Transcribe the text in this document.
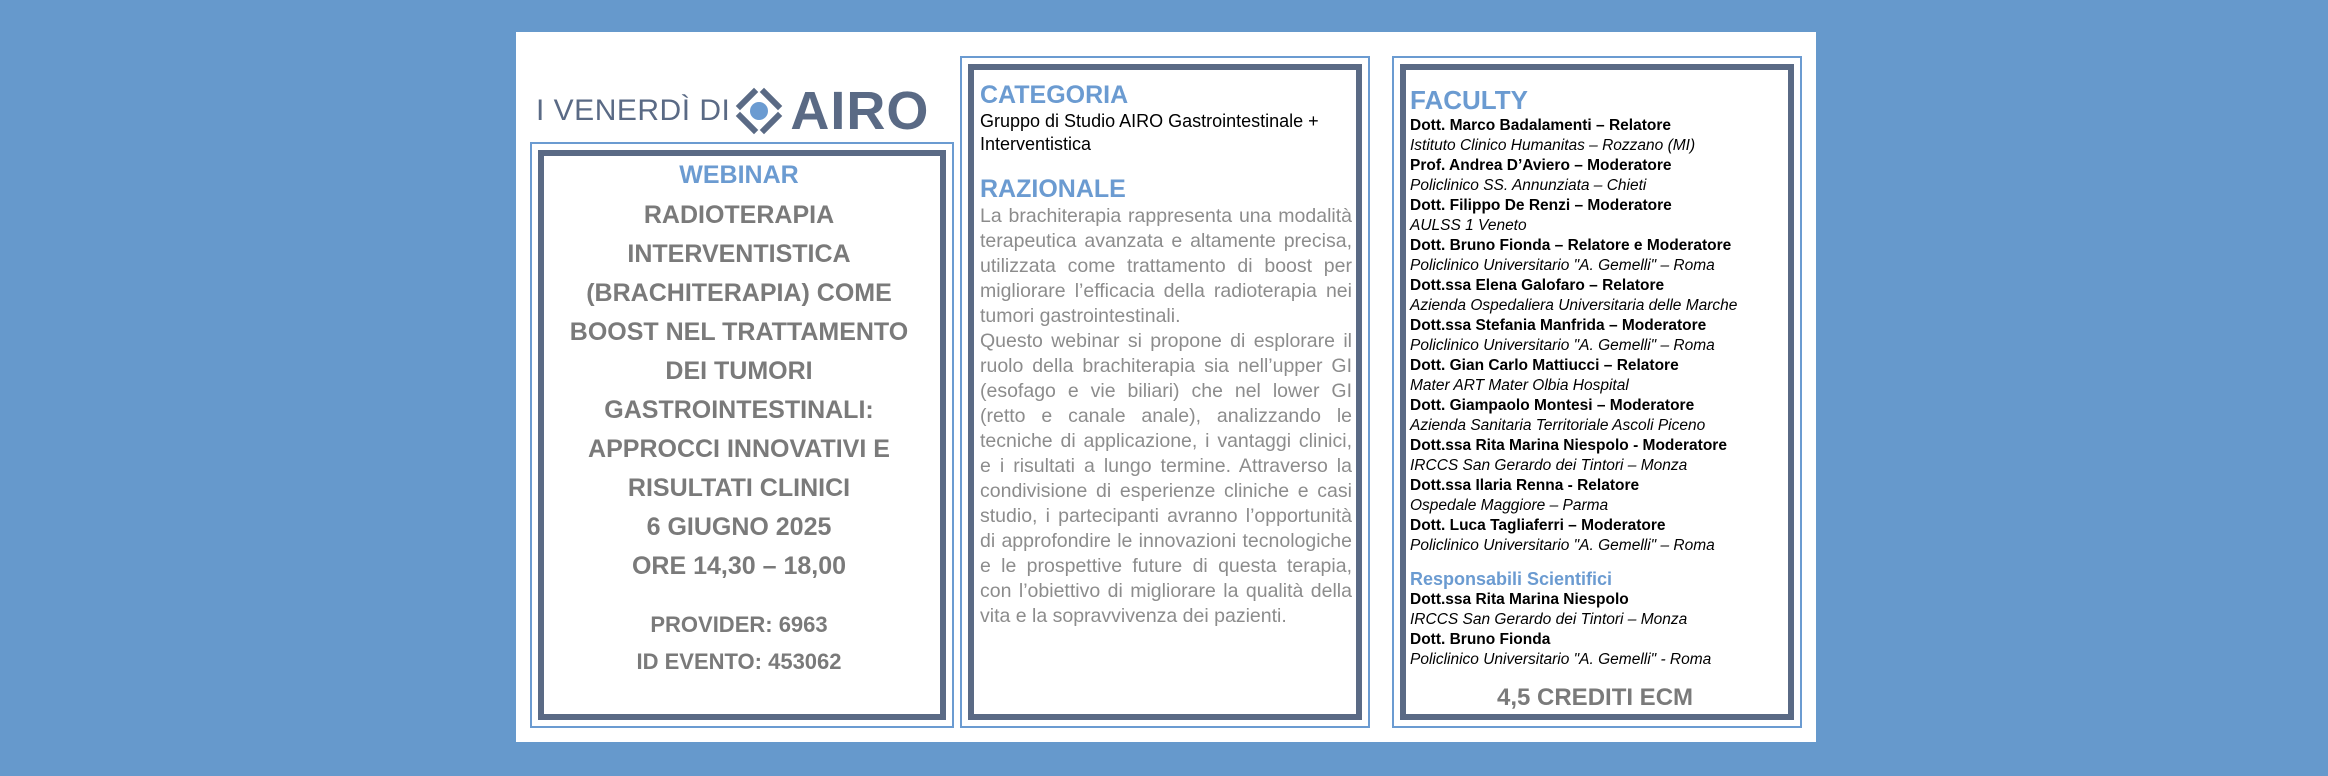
I VENERDÌ DI AIRO
WEBINAR
RADIOTERAPIA
INTERVENTISTICA
(BRACHITERAPIA) COME
BOOST NEL TRATTAMENTO
DEI TUMORI
GASTROINTESTINALI:
APPROCCI INNOVATIVI E
RISULTATI CLINICI
6 GIUGNO 2025
ORE 14,30 – 18,00
PROVIDER: 6963
ID EVENTO: 453062
CATEGORIA
Gruppo di Studio AIRO Gastrointestinale + Interventistica
RAZIONALE

La brachiterapia rappresenta una modalità terapeutica avanzata e altamente precisa, utilizzata come trattamento di boost per migliorare l’efficacia della radioterapia nei tumori gastrointestinali.

Questo webinar si propone di esplorare il ruolo della brachiterapia sia nell’upper GI (esofago e vie biliari) che nel lower GI (retto e canale anale), analizzando le tecniche di applicazione, i vantaggi clinici, e i risultati a lungo termine. Attraverso la condivisione di esperienze cliniche e casi studio, i partecipanti avranno l’opportunità di approfondire le innovazioni tecnologiche e le prospettive future di questa terapia, con l’obiettivo di migliorare la qualità della vita e la sopravvivenza dei pazienti.

FACULTY
Dott. Marco Badalamenti – Relatore
Istituto Clinico Humanitas – Rozzano (MI)
Prof. Andrea D’Aviero – Moderatore
Policlinico SS. Annunziata – Chieti
Dott. Filippo De Renzi – Moderatore
AULSS 1 Veneto
Dott. Bruno Fionda – Relatore e Moderatore
Policlinico Universitario "A. Gemelli" – Roma
Dott.ssa Elena Galofaro – Relatore
Azienda Ospedaliera Universitaria delle Marche
Dott.ssa Stefania Manfrida – Moderatore
Policlinico Universitario "A. Gemelli" – Roma
Dott. Gian Carlo Mattiucci – Relatore
Mater ART Mater Olbia Hospital
Dott. Giampaolo Montesi – Moderatore
Azienda Sanitaria Territoriale Ascoli Piceno
Dott.ssa Rita Marina Niespolo - Moderatore
IRCCS San Gerardo dei Tintori – Monza
Dott.ssa Ilaria Renna - Relatore
Ospedale Maggiore – Parma
Dott. Luca Tagliaferri – Moderatore
Policlinico Universitario "A. Gemelli" – Roma
Responsabili Scientifici
Dott.ssa Rita Marina Niespolo
IRCCS San Gerardo dei Tintori – Monza
Dott. Bruno Fionda
Policlinico Universitario "A. Gemelli" - Roma
4,5 CREDITI ECM
